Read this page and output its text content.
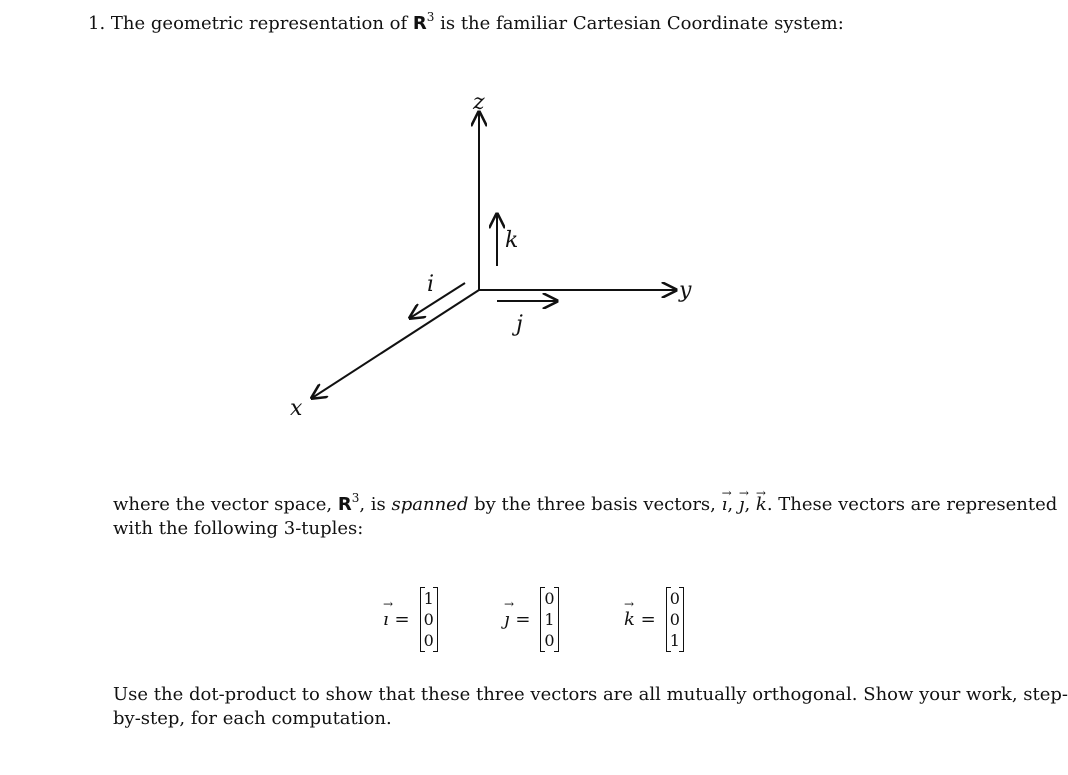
1. The geometric representation of $R^3$ is the familiar Cartesian Coordinate system:
z
y
x
k
j
i
where the vector space, $R^3$, is spanned by the three basis vectors, → ı, → ȷ, → k. These vectors are represented
with the following 3-tuples:
→ ı =
1
0
0
→ ȷ =
0
1
0
→ k =
0
0
1
Use the dot-product to show that these three vectors are all mutually orthogonal. Show your work, step-
by-step, for each computation.
